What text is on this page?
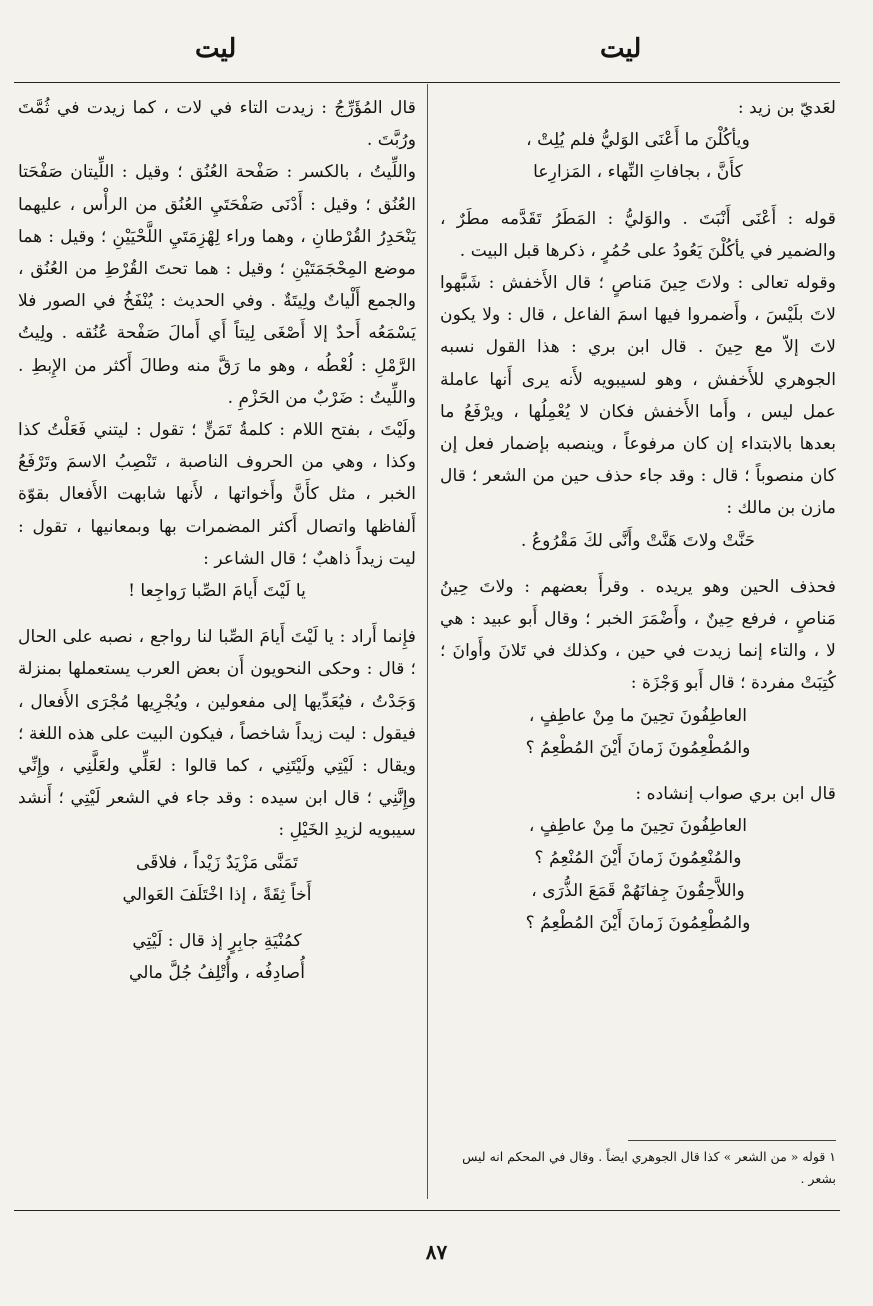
ليت
ليت

لعَديّ بن زيد :

ويأكُلْنَ ما أَعْنَى الوَليُّ فلم يُلِتْ ،

كأَنَّ ، بجافاتِ النِّهاء ، المَزارِعا

قوله : أَعْنَى أَنْبَتَ . والوَليُّ : المَطَرُ تَقَدَّمه مطَرٌ ، والضمير في يأكُلْنَ يَعُودُ على حُمُرٍ ، ذكرها قبل البيت .

وقوله تعالى : ولاتَ حِينَ مَناصٍ ؛ قال الأَخفش : شَبَّهوا لاتَ بلَيْسَ ، وأَضمروا فيها اسمَ الفاعل ، قال : ولا يكون لاتَ إلاّ مع حِينَ . قال ابن بري : هذا القول نسبه الجوهري للأَخفش ، وهو لسيبويه لأَنه يرى أَنها عاملة عمل ليس ، وأَما الأَخفش فكان لا يُعْمِلُها ، ويرْفَعُ ما بعدها بالابتداء إن كان مرفوعاً ، وينصبه بإضمار فعل إن كان منصوباً ؛ قال : وقد جاء حذف حين من الشعر ؛ قال مازن بن مالك :

حَنَّتْ ولاتَ هَنَّتْ وأَنَّى لكَ مَقْرُوعُ .

فحذف الحين وهو يريده . وقرأَ بعضهم : ولاتَ حِينُ مَناصٍ ، فرفع حِينٌ ، وأَضْمَرَ الخبر ؛ وقال أَبو عبيد : هي لا ، والتاء إنما زيدت في حين ، وكذلك في تَلانَ وأَوانَ ؛ كُتِبَتْ مفردة ؛ قال أَبو وَجْزَة :

العاطِفُونَ تحِينَ ما مِنْ عاطِفٍ ،

والمُطْعِمُونَ زَمانَ أَيْنَ المُطْعِمُ ؟

قال ابن بري صواب إنشاده :

العاطِفُونَ تحِينَ ما مِنْ عاطِفٍ ،

والمُنْعِمُونَ زَمانَ أَيْنَ المُنْعِمُ ؟

واللاَّحِقُونَ جِفانَهُمْ قَمَعَ الذُّرَى ،

والمُطْعِمُونَ زَمانَ أَيْنَ المُطْعِمُ ؟

قال المُؤَرِّجُ : زيدت التاء في لات ، كما زيدت في ثُمَّتَ ورُبَّتَ .

واللِّيتُ ، بالكسر : صَفْحة العُنُق ؛ وقيل : اللِّيتان صَفْحَتا العُنُق ؛ وقيل : أَدْنَى صَفْحَتَيِ العُنُق من الرأْس ، عليهما يَنْحَدِرُ القُرْطانِ ، وهما وراء لِهْزِمَتَيِ اللَّحْيَيْنِ ؛ وقيل : هما موضع المِحْجَمَتَيْنِ ؛ وقيل : هما تحتَ القُرْطِ من العُنُق ، والجمع أَلْياتٌ ولِيتَةٌ . وفي الحديث : يُنْفَخُ في الصور فلا يَسْمَعُه أَحدٌ إلا أَصْغَى لِيتاً أَي أَمالَ صَفْحة عُنُقه . ولِيتُ الرَّمْلِ : لُعْطُه ، وهو ما رَقَّ منه وطالَ أَكثر من الإِبطِ . واللِّيتُ : ضَرْبٌ من الحَزْمِ .

ولَيْتَ ، بفتح اللام : كلمةُ تَمَنٍّ ؛ تقول : ليتني فَعَلْتُ كذا وكذا ، وهي من الحروف الناصبة ، تَنْصِبُ الاسمَ وتَرْفَعُ الخبر ، مثل كأَنَّ وأَخواتها ، لأَنها شابهت الأَفعال بقوّة أَلفاظها واتصال أَكثر المضمرات بها وبمعانيها ، تقول : ليت زيداً ذاهبٌ ؛ قال الشاعر :

يا لَيْتَ أَيامَ الصِّبا رَواجِعا !

فإِنما أَراد : يا لَيْتَ أَيامَ الصِّبا لنا رواجع ، نصبه على الحال ؛ قال : وحكى النحويون أَن بعض العرب يستعملها بمنزلة وَجَدْتُ ، فيُعَدِّيها إلى مفعولين ، ويُجْرِيها مُجْرَى الأَفعال ، فيقول : ليت زيداً شاخصاً ، فيكون البيت على هذه اللغة ؛ ويقال : لَيْتِي ولَيْتَنِي ، كما قالوا : لعَلِّي ولعَلَّنِي ، وإِنِّي وإِنَّنِي ؛ قال ابن سيده : وقد جاء في الشعر لَيْتِي ؛ أَنشد سيبويه لزيدِ الخَيْلِ :

تَمَنَّى مَزْيَدٌ زَيْداً ، فلاقَى

أَخاً ثِقَةً ، إذا اخْتَلَفَ العَوالي

كمُنْيَةِ جابِرٍ إذ قال : لَيْتِي

أُصادِفُه ، وأُتْلِفُ جُلَّ مالي

١ قوله « من الشعر » كذا قال الجوهري ايضاً . وقال في المحكم انه ليس بشعر .
٨٧
